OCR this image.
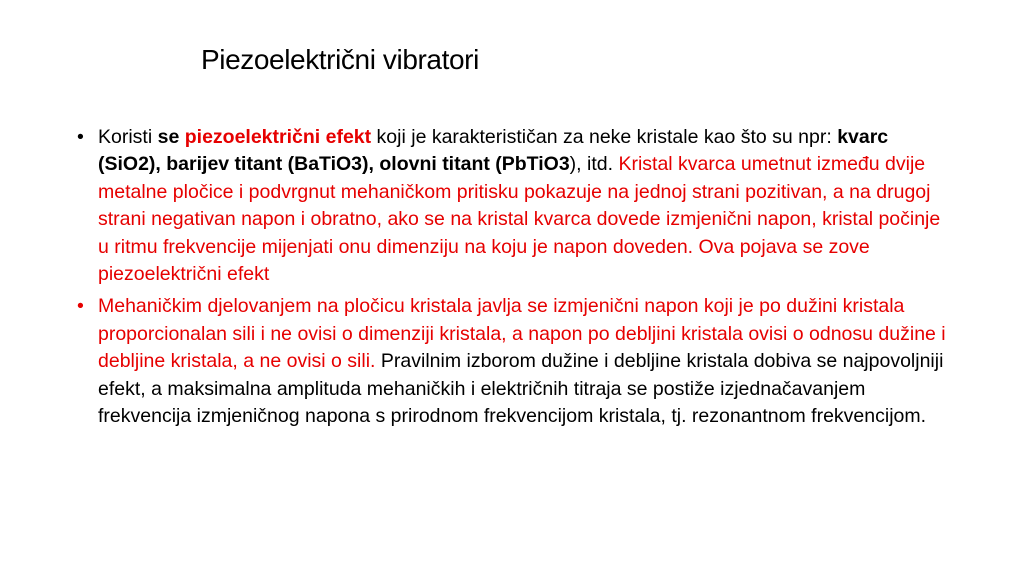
Piezoelektrični vibratori
• Koristi se piezoelektrični efekt koji je karakterističan za neke kristale kao što su npr: kvarc (SiO2), barijev titant (BaTiO3), olovni titant (PbTiO3), itd. Kristal kvarca umetnut između dvije metalne pločice i podvrgnut mehaničkom pritisku pokazuje na jednoj strani pozitivan, a na drugoj strani negativan napon i obratno, ako se na kristal kvarca dovede izmjenični napon, kristal počinje u ritmu frekvencije mijenjati onu dimenziju na koju je napon doveden. Ova pojava se zove piezoelektrični efekt
• Mehaničkim djelovanjem na pločicu kristala javlja se izmjenični napon koji je po dužini kristala proporcionalan sili i ne ovisi o dimenziji kristala, a napon po debljini kristala ovisi o odnosu dužine i debljine kristala, a ne ovisi o sili. Pravilnim izborom dužine i debljine kristala dobiva se najpovoljniji efekt, a maksimalna amplituda mehaničkih i električnih titraja se postiže izjednačavanjem frekvencija izmjeničnog napona s prirodnom frekvencijom kristala, tj. rezonantnom frekvencijom.
